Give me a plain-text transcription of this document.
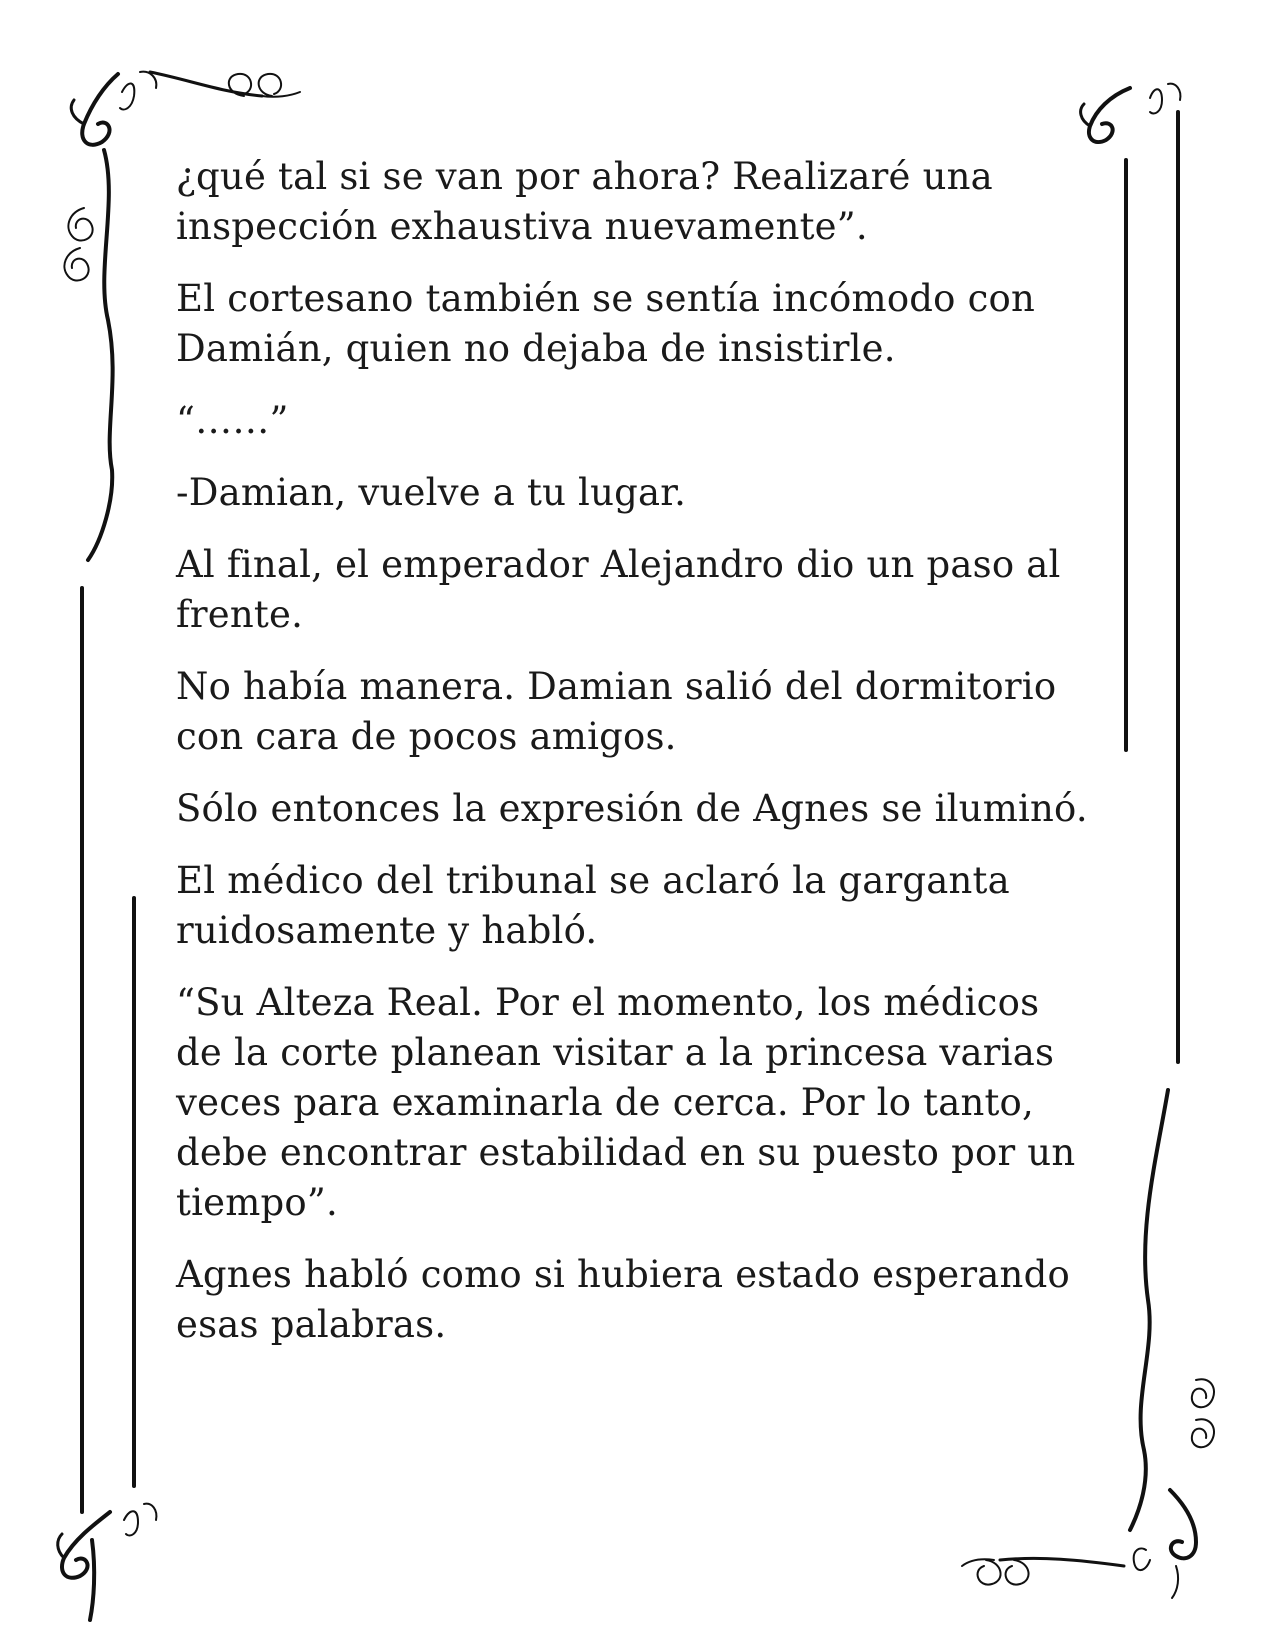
¿qué tal si se van por ahora? Realizaré una inspección exhaustiva nuevamente”.

El cortesano también se sentía incómodo con Damián, quien no dejaba de insistirle.

“……”

-Damian, vuelve a tu lugar.

Al final, el emperador Alejandro dio un paso al frente.

No había manera. Damian salió del dormitorio con cara de pocos amigos.

Sólo entonces la expresión de Agnes se iluminó.

El médico del tribunal se aclaró la garganta ruidosamente y habló.

“Su Alteza Real. Por el momento, los médicos de la corte planean visitar a la princesa varias veces para examinarla de cerca. Por lo tanto, debe encontrar estabilidad en su puesto por un tiempo”.

Agnes habló como si hubiera estado esperando esas palabras.
